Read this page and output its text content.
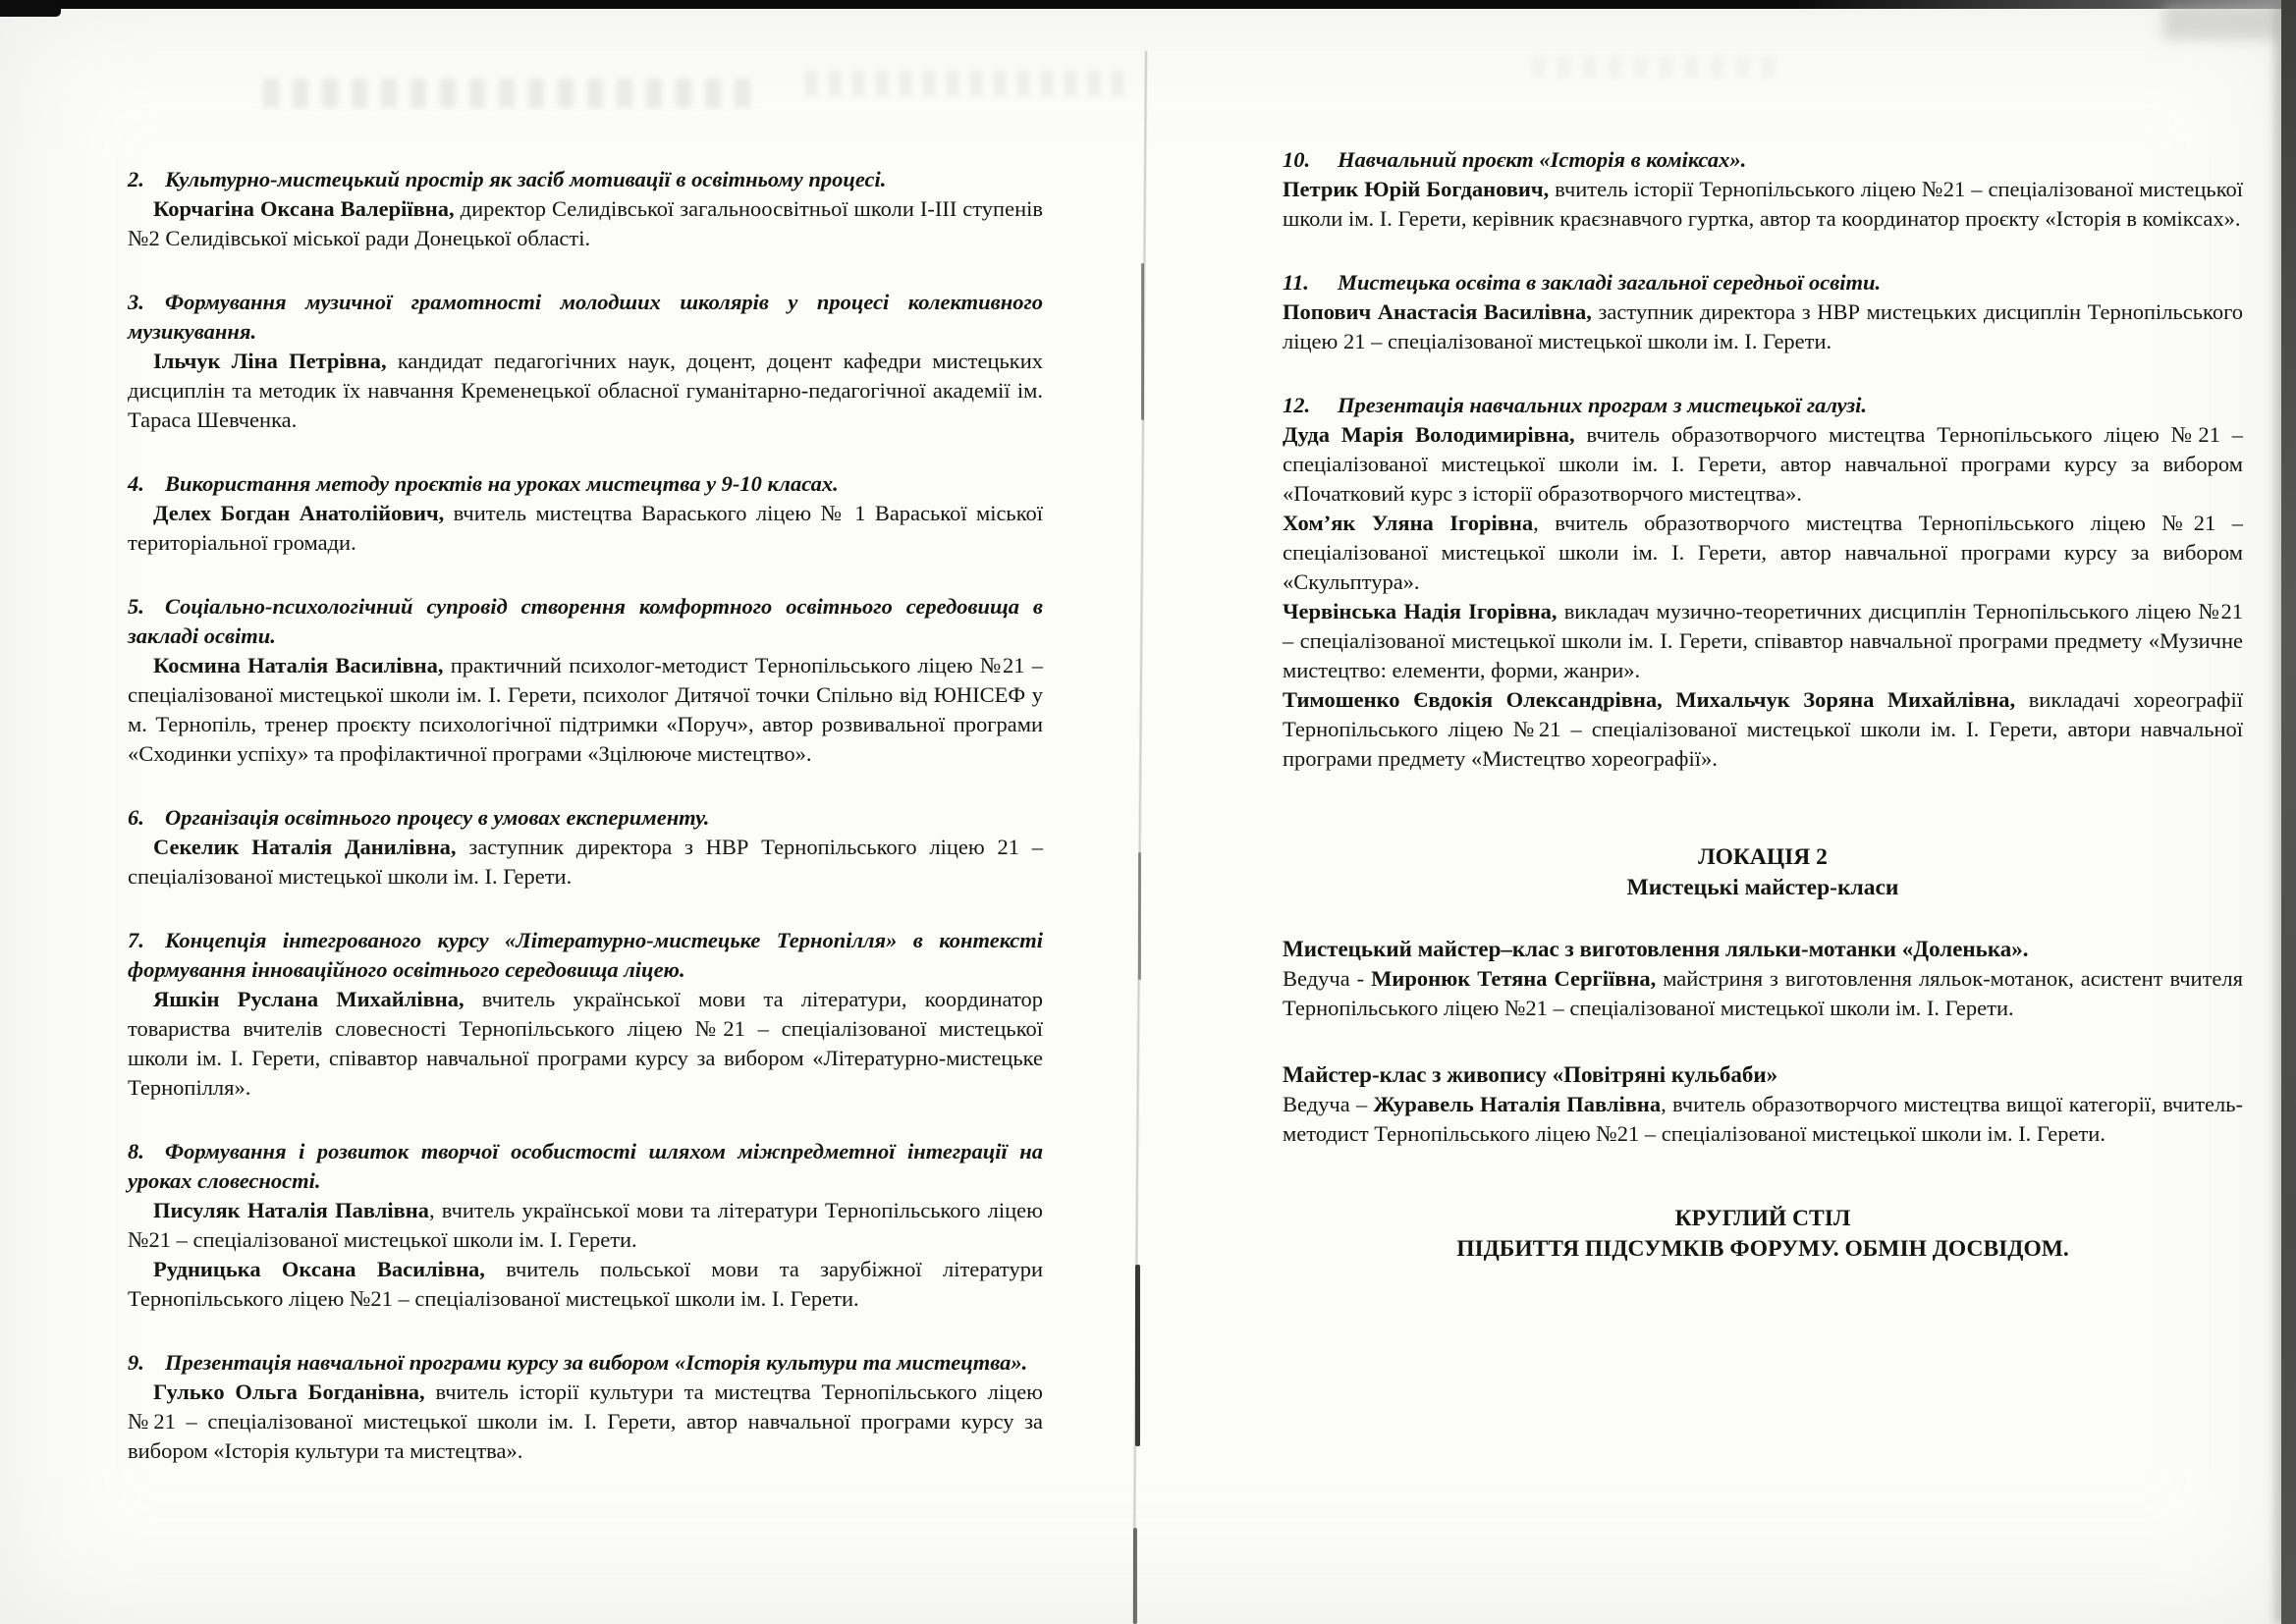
2. Культурно-мистецький простір як засіб мотивації в освітньому процесі.

Корчагіна Оксана Валеріївна, директор Селидівської загальноосвітньої школи І-ІІІ ступенів №2 Селидівської міської ради Донецької області.

3. Формування музичної грамотності молодших школярів у процесі колективного музикування.

Ільчук Ліна Петрівна, кандидат педагогічних наук, доцент, доцент кафедри мистецьких дисциплін та методик їх навчання Кременецької обласної гуманітарно-педагогічної академії ім. Тараса Шевченка.

4. Використання методу проєктів на уроках мистецтва у 9-10 класах.

Делех Богдан Анатолійович, вчитель мистецтва Вараського ліцею № 1 Вараської міської територіальної громади.

5. Соціально-психологічний супровід створення комфортного освітнього середовища в закладі освіти.

Космина Наталія Василівна, практичний психолог-методист Тернопільського ліцею №21 – спеціалізованої мистецької школи ім. І. Герети, психолог Дитячої точки Спільно від ЮНІСЕФ у м. Тернопіль, тренер проєкту психологічної підтримки «Поруч», автор розвивальної програми «Сходинки успіху» та профілактичної програми «Зцілююче мистецтво».

6. Організація освітнього процесу в умовах експерименту.

Секелик Наталія Данилівна, заступник директора з НВР Тернопільського ліцею 21 – спеціалізованої мистецької школи ім. І. Герети.

7. Концепція інтегрованого курсу «Літературно-мистецьке Тернопілля» в контексті формування інноваційного освітнього середовища ліцею.

Яшкін Руслана Михайлівна, вчитель української мови та літератури, координатор товариства вчителів словесності Тернопільського ліцею №21 – спеціалізованої мистецької школи ім. І. Герети, співавтор навчальної програми курсу за вибором «Літературно-мистецьке Тернопілля».

8. Формування і розвиток творчої особистості шляхом міжпредметної інтеграції на уроках словесності.

Писуляк Наталія Павлівна, вчитель української мови та літератури Тернопільського ліцею №21 – спеціалізованої мистецької школи ім. І. Герети.

Рудницька Оксана Василівна, вчитель польської мови та зарубіжної літератури Тернопільського ліцею №21 – спеціалізованої мистецької школи ім. І. Герети.

9. Презентація навчальної програми курсу за вибором «Історія культури та мистецтва».

Гулько Ольга Богданівна, вчитель історії культури та мистецтва Тернопільського ліцею №21 – спеціалізованої мистецької школи ім. І. Герети, автор навчальної програми курсу за вибором «Історія культури та мистецтва».

10. Навчальний проєкт «Історія в коміксах».

Петрик Юрій Богданович, вчитель історії Тернопільського ліцею №21 – спеціалізованої мистецької школи ім. І. Герети, керівник краєзнавчого гуртка, автор та координатор проєкту «Історія в коміксах».

11. Мистецька освіта в закладі загальної середньої освіти.

Попович Анастасія Василівна, заступник директора з НВР мистецьких дисциплін Тернопільського ліцею 21 – спеціалізованої мистецької школи ім. І. Герети.

12. Презентація навчальних програм з мистецької галузі.

Дуда Марія Володимирівна, вчитель образотворчого мистецтва Тернопільського ліцею №21 – спеціалізованої мистецької школи ім. І. Герети, автор навчальної програми курсу за вибором «Початковий курс з історії образотворчого мистецтва».

Хом’як Уляна Ігорівна, вчитель образотворчого мистецтва Тернопільського ліцею №21 – спеціалізованої мистецької школи ім. І. Герети, автор навчальної програми курсу за вибором «Скульптура».

Червінська Надія Ігорівна, викладач музично-теоретичних дисциплін Тернопільського ліцею №21 – спеціалізованої мистецької школи ім. І. Герети, співавтор навчальної програми предмету «Музичне мистецтво: елементи, форми, жанри».

Тимошенко Євдокія Олександрівна, Михальчук Зоряна Михайлівна, викладачі хореографії Тернопільського ліцею №21 – спеціалізованої мистецької школи ім. І. Герети, автори навчальної програми предмету «Мистецтво хореографії».

ЛОКАЦІЯ 2
Мистецькі майстер-класи
Мистецький майстер–клас з виготовлення ляльки-мотанки «Доленька».

Ведуча - Миронюк Тетяна Сергіївна, майстриня з виготовлення ляльок-мотанок, асистент вчителя Тернопільського ліцею №21 – спеціалізованої мистецької школи ім. І. Герети.

Майстер-клас з живопису «Повітряні кульбаби»

Ведуча – Журавель Наталія Павлівна, вчитель образотворчого мистецтва вищої категорії, вчитель-методист Тернопільського ліцею №21 – спеціалізованої мистецької школи ім. І. Герети.

КРУГЛИЙ СТІЛ
ПІДБИТТЯ ПІДСУМКІВ ФОРУМУ. ОБМІН ДОСВІДОМ.
